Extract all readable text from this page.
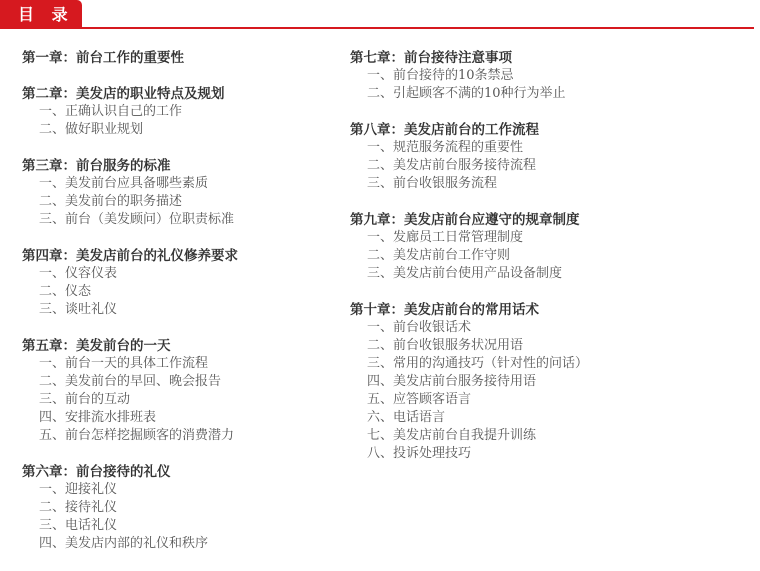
目 录
第一章：前台工作的重要性
第二章：美发店的职业特点及规划
一、正确认识自己的工作
二、做好职业规划
第三章：前台服务的标准
一、美发前台应具备哪些素质
二、美发前台的职务描述
三、前台（美发顾问）位职责标准
第四章：美发店前台的礼仪修养要求
一、仪容仪表
二、仪态
三、谈吐礼仪
第五章：美发前台的一天
一、前台一天的具体工作流程
二、美发前台的早回、晚会报告
三、前台的互动
四、安排流水排班表
五、前台怎样挖掘顾客的消费潜力
第六章：前台接待的礼仪
一、迎接礼仪
二、接待礼仪
三、电话礼仪
四、美发店内部的礼仪和秩序
第七章：前台接待注意事项
一、前台接待的10条禁忌
二、引起顾客不满的10种行为举止
第八章：美发店前台的工作流程
一、规范服务流程的重要性
二、美发店前台服务接待流程
三、前台收银服务流程
第九章：美发店前台应遵守的规章制度
一、发廊员工日常管理制度
二、美发店前台工作守则
三、美发店前台使用产品设备制度
第十章：美发店前台的常用话术
一、前台收银话术
二、前台收银服务状况用语
三、常用的沟通技巧（针对性的问话）
四、美发店前台服务接待用语
五、应答顾客语言
六、电话语言
七、美发店前台自我提升训练
八、投诉处理技巧
